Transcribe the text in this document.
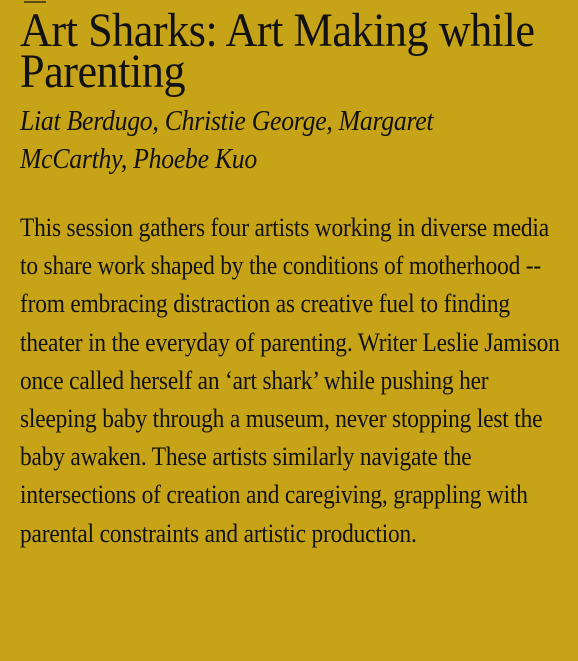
Art Sharks: Art Making while Parenting

Liat Berdugo, Christie George, Margaret McCarthy, Phoebe Kuo

This session gathers four artists working in diverse media to share work shaped by the conditions of motherhood -- from embracing distraction as creative fuel to finding theater in the everyday of parenting. Writer Leslie Jamison once called herself an ‘art shark’ while pushing her sleeping baby through a museum, never stopping lest the baby awaken. These artists similarly navigate the intersections of creation and caregiving, grappling with parental constraints and artistic production.
